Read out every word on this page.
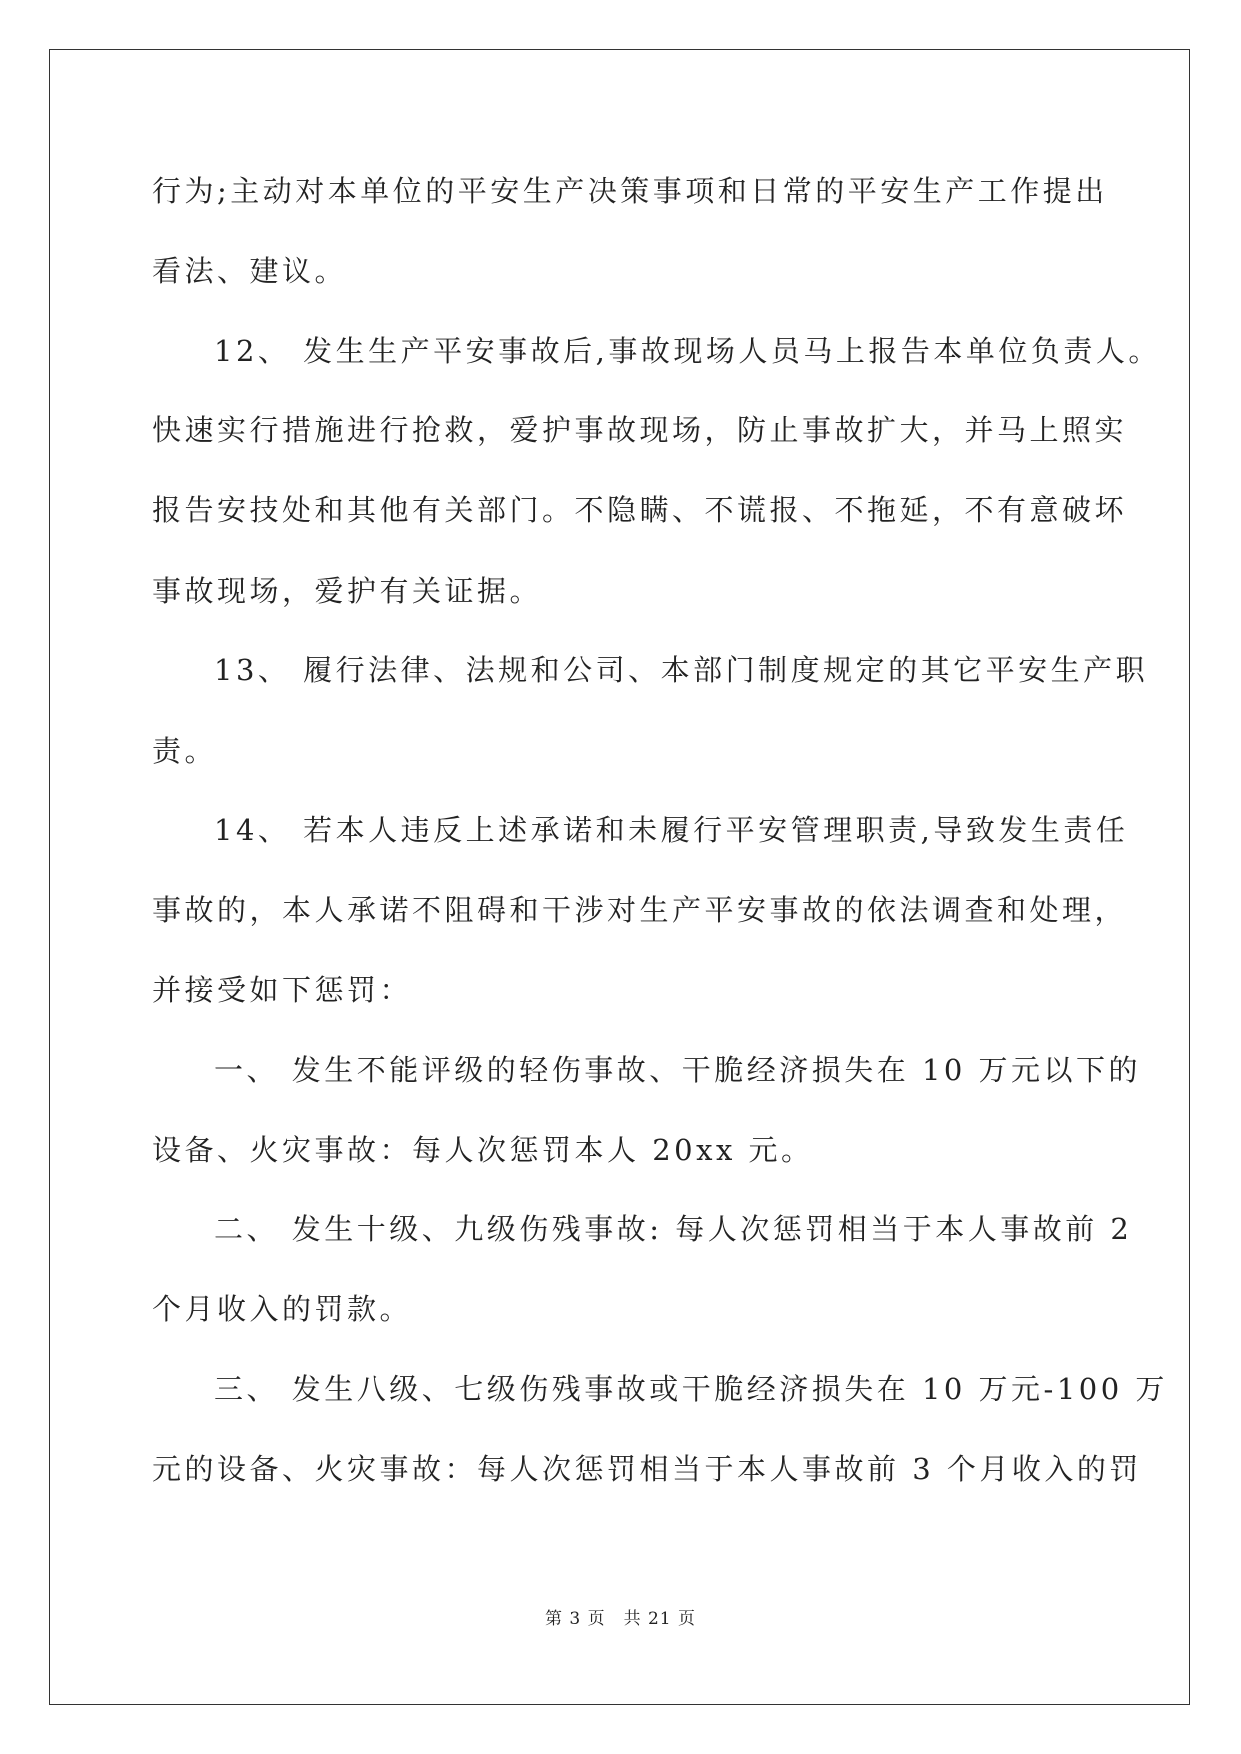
行为;主动对本单位的平安生产决策事项和日常的平安生产工作提出
看法、建议。
12、 发生生产平安事故后,事故现场人员马上报告本单位负责人。
快速实行措施进行抢救，爱护事故现场，防止事故扩大，并马上照实
报告安技处和其他有关部门。不隐瞒、不谎报、不拖延，不有意破坏
事故现场，爱护有关证据。
13、 履行法律、法规和公司、本部门制度规定的其它平安生产职
责。
14、 若本人违反上述承诺和未履行平安管理职责,导致发生责任
事故的，本人承诺不阻碍和干涉对生产平安事故的依法调查和处理，
并接受如下惩罚：
一、 发生不能评级的轻伤事故、干脆经济损失在 10 万元以下的
设备、火灾事故：每人次惩罚本人 20xx 元。
二、 发生十级、九级伤残事故: 每人次惩罚相当于本人事故前 2
个月收入的罚款。
三、 发生八级、七级伤残事故或干脆经济损失在 10 万元-100 万
元的设备、火灾事故：每人次惩罚相当于本人事故前 3 个月收入的罚
第 3 页 共 21 页
